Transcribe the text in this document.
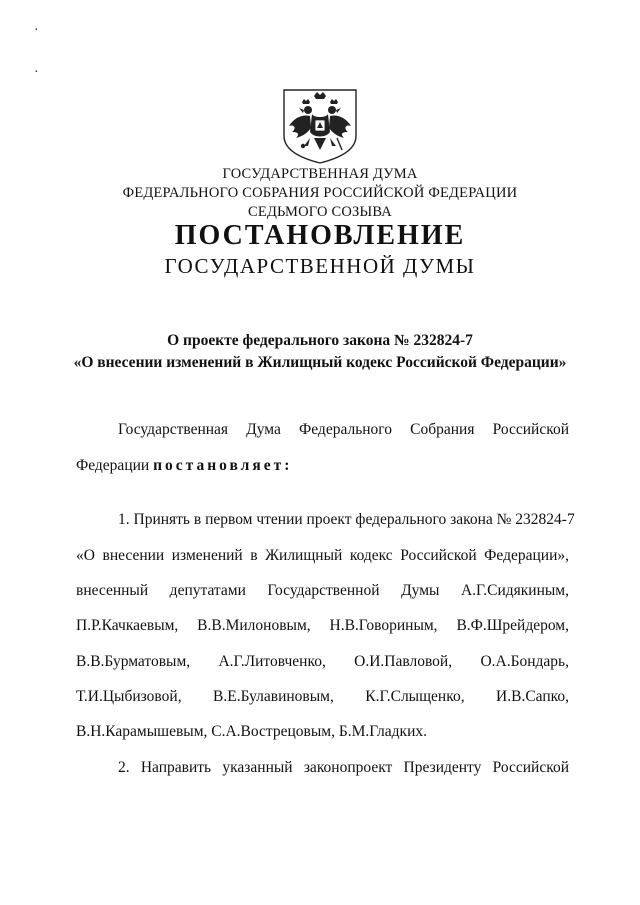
·
·
ГОСУДАРСТВЕННАЯ ДУМА
ФЕДЕРАЛЬНОГО СОБРАНИЯ РОССИЙСКОЙ ФЕДЕРАЦИИ
СЕДЬМОГО СОЗЫВА
ПОСТАНОВЛЕНИЕ
ГОСУДАРСТВЕННОЙ ДУМЫ
О проекте федерального закона № 232824-7
«О внесении изменений в Жилищный кодекс Российской Федерации»
Государственная Дума Федерального Собрания Российской
Федерации постановляет:
1. Принять в первом чтении проект федерального закона № 232824-7
«О внесении изменений в Жилищный кодекс Российской Федерации»,
внесенный депутатами Государственной Думы А.Г.Сидякиным,
П.Р.Качкаевым, В.В.Милоновым, Н.В.Говориным, В.Ф.Шрейдером,
В.В.Бурматовым, А.Г.Литовченко, О.И.Павловой, О.А.Бондарь,
Т.И.Цыбизовой, В.Е.Булавиновым, К.Г.Слыщенко, И.В.Сапко,
В.Н.Карамышевым, С.А.Вострецовым, Б.М.Гладких.
2. Направить указанный законопроект Президенту Российской
